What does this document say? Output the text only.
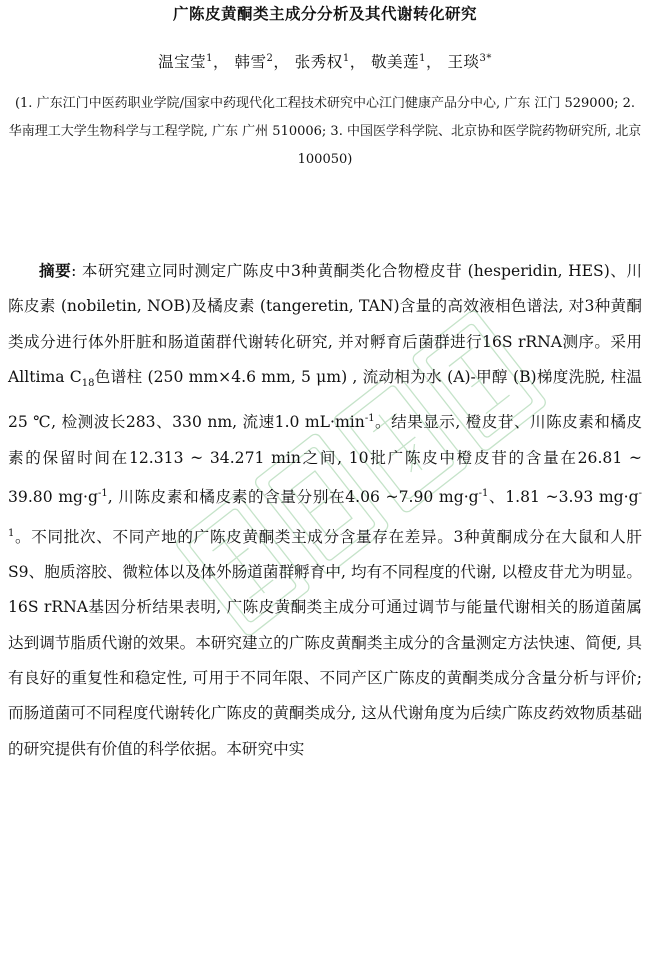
广陈皮黄酮类主成分分析及其代谢转化研究
温宝莹$^1$， 韩雪$^2$， 张秀权$^1$， 敬美莲$^1$， 王琰$^{3*}$
(1. 广东江门中医药职业学院/国家中药现代化工程技术研究中心江门健康产品分中心, 广东 江门 529000; 2. 华南理工大学生物科学与工程学院, 广东 广州 510006; 3. 中国医学科学院、北京协和医学院药物研究所, 北京 100050)
摘要: 本研究建立同时测定广陈皮中3种黄酮类化合物橙皮苷 (hesperidin, HES)、川陈皮素 (nobiletin, NOB)及橘皮素 (tangeretin, TAN)含量的高效液相色谱法, 对3种黄酮类成分进行体外肝脏和肠道菌群代谢转化研究, 并对孵育后菌群进行16S rRNA测序。采用Alltima $C_{18}$色谱柱 (250 mm×4.6 mm, 5 μm) , 流动相为水 (A)-甲醇 (B)梯度洗脱, 柱温25 ℃, 检测波长283、330 nm, 流速1.0 $mL\cdot\min^{-1}$。结果显示, 橙皮苷、川陈皮素和橘皮素的保留时间在12.313 ~ 34.271 min之间, 10批广陈皮中橙皮苷的含量在26.81 ~ 39.80 $mg\cdot g^{-1}$, 川陈皮素和橘皮素的含量分别在4.06 ~7.90 $mg\cdot g^{-1}$、1.81 ~3.93 $mg\cdot g^{-1}$。不同批次、不同产地的广陈皮黄酮类主成分含量存在差异。3种黄酮成分在大鼠和人肝S9、胞质溶胶、微粒体以及体外肠道菌群孵育中, 均有不同程度的代谢, 以橙皮苷尤为明显。16S rRNA基因分析结果表明, 广陈皮黄酮类主成分可通过调节与能量代谢相关的肠道菌属达到调节脂质代谢的效果。本研究建立的广陈皮黄酮类主成分的含量测定方法快速、简便, 具有良好的重复性和稳定性, 可用于不同年限、不同产区广陈皮的黄酮类成分含量分析与评价; 而肠道菌可不同程度代谢转化广陈皮的黄酮类成分, 这从代谢角度为后续广陈皮药效物质基础的研究提供有价值的科学依据。本研究中实
